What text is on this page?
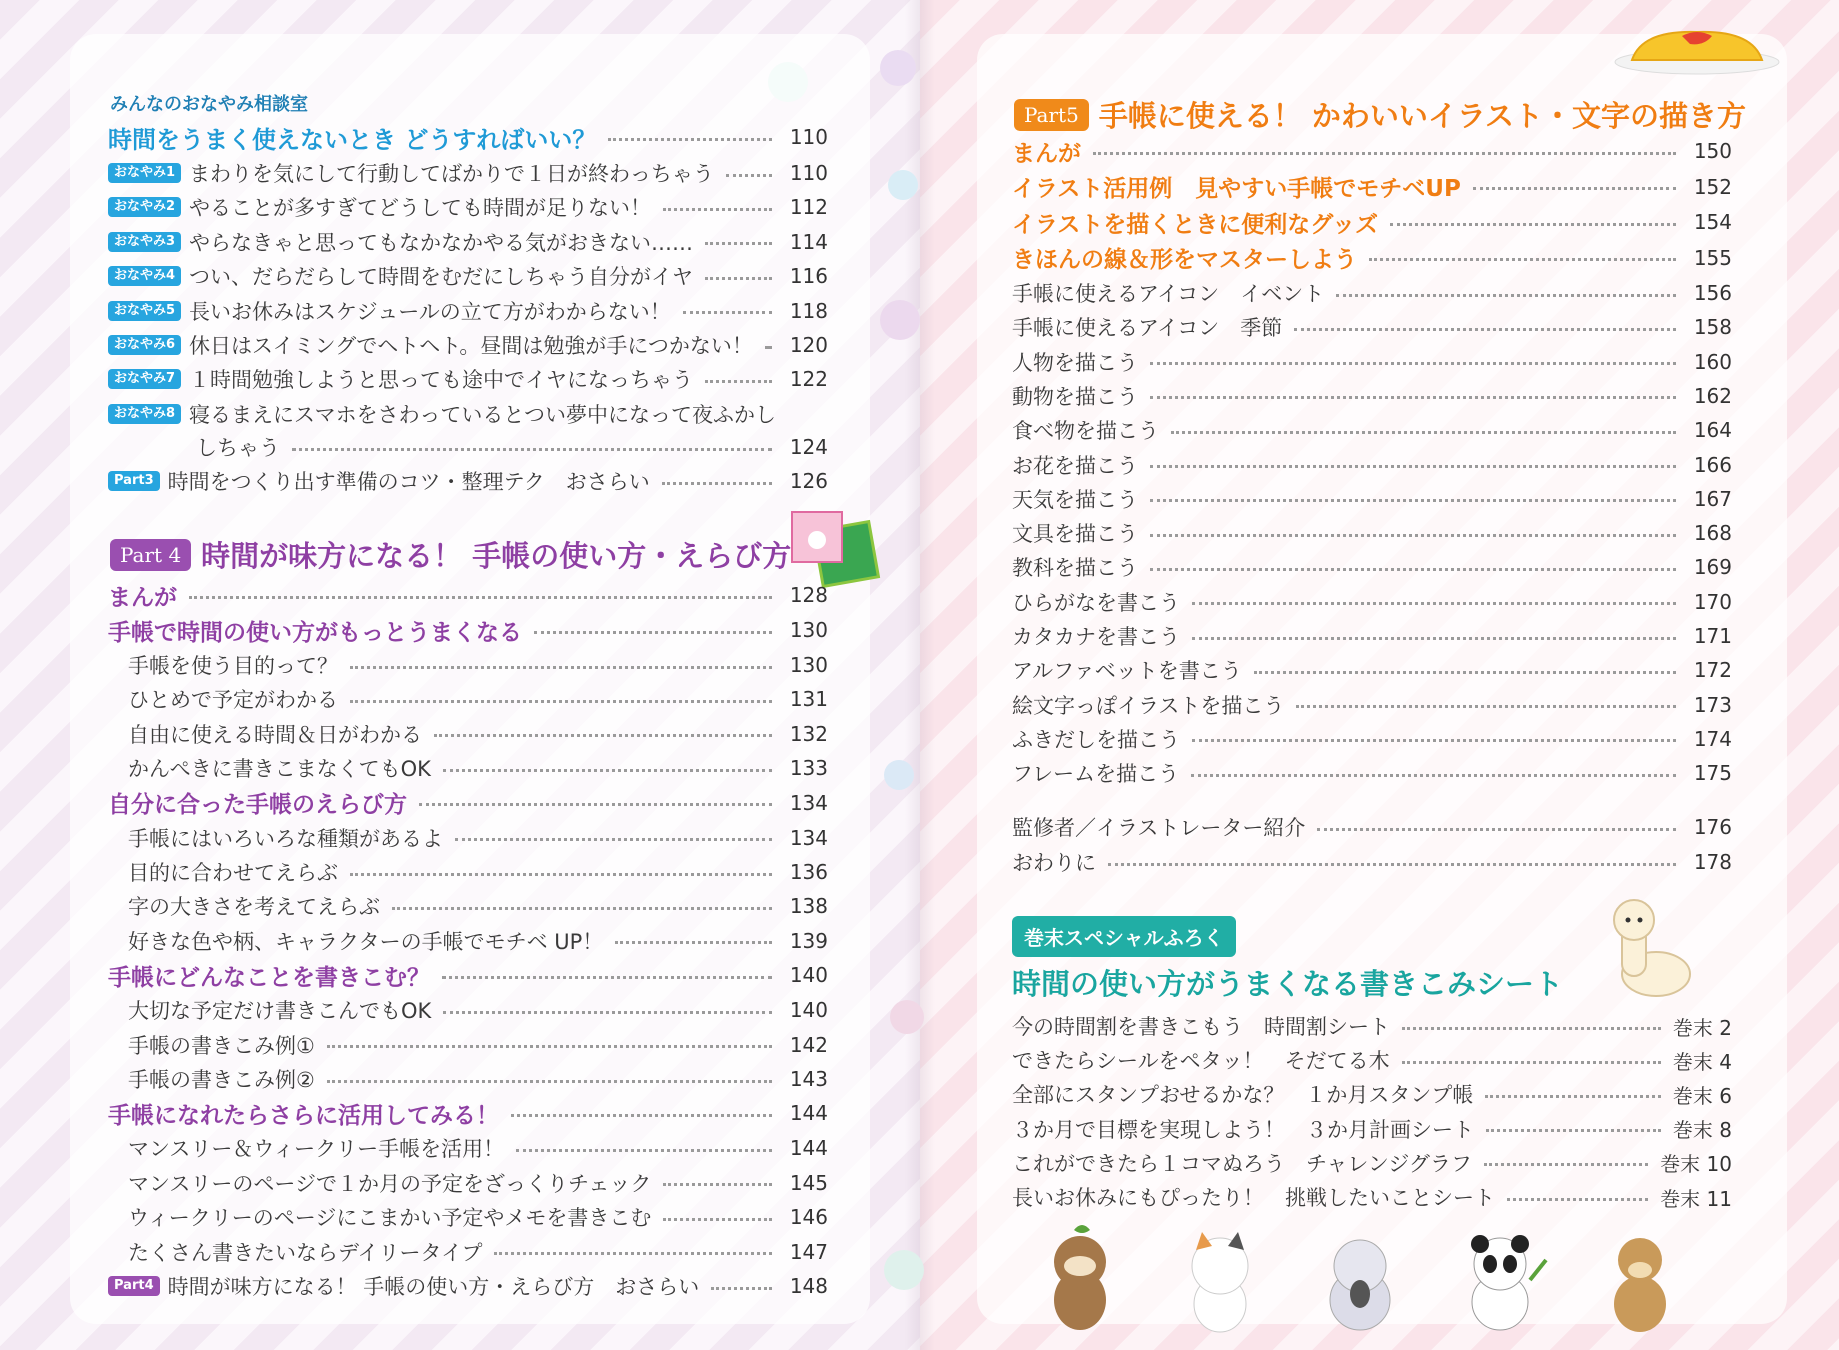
みんなのおなやみ相談室
時間をうまく使えないとき どうすればいい？	110
おなやみ1 まわりを気にして行動してばかりで１日が終わっちゃう	110
おなやみ2 やることが多すぎてどうしても時間が足りない！	112
おなやみ3 やらなきゃと思ってもなかなかやる気がおきない……	114
おなやみ4 つい、だらだらして時間をむだにしちゃう自分がイヤ	116
おなやみ5 長いお休みはスケジュールの立て方がわからない！	118
おなやみ6 休日はスイミングでヘトヘト。昼間は勉強が手につかない！ 120
おなやみ7 １時間勉強しようと思っても途中でイヤになっちゃう	122
おなやみ8 寝るまえにスマホをさわっているとつい夢中になって夜ふかし
しちゃう	124
Part3 時間をつくり出す準備のコツ・整理テク　おさらい	126
Part 4 時間が味方になる！ 手帳の使い方・えらび方
まんが	128
手帳で時間の使い方がもっとうまくなる	130
手帳を使う目的って？	130
ひとめで予定がわかる	131
自由に使える時間＆日がわかる	132
かんぺきに書きこまなくてもOK	133
自分に合った手帳のえらび方	134
手帳にはいろいろな種類があるよ	134
目的に合わせてえらぶ	136
字の大きさを考えてえらぶ	138
好きな色や柄、キャラクターの手帳でモチベ UP！	139
手帳にどんなことを書きこむ？	140
大切な予定だけ書きこんでもOK	140
手帳の書きこみ例①	142
手帳の書きこみ例②	143
手帳になれたらさらに活用してみる！	144
マンスリー＆ウィークリー手帳を活用！	144
マンスリーのページで１か月の予定をざっくりチェック	145
ウィークリーのページにこまかい予定やメモを書きこむ	146
たくさん書きたいならデイリータイプ	147
Part4 時間が味方になる！ 手帳の使い方・えらび方　おさらい	148
Part5 手帳に使える！ かわいいイラスト・文字の描き方
まんが	150
イラスト活用例　見やすい手帳でモチベUP	152
イラストを描くときに便利なグッズ	154
きほんの線＆形をマスターしよう	155
手帳に使えるアイコン　イベント	156
手帳に使えるアイコン　季節	158
人物を描こう	160
動物を描こう	162
食べ物を描こう	164
お花を描こう	166
天気を描こう	167
文具を描こう	168
教科を描こう	169
ひらがなを書こう	170
カタカナを書こう	171
アルファベットを書こう	172
絵文字っぽイラストを描こう	173
ふきだしを描こう	174
フレームを描こう	175
監修者／イラストレーター紹介	176
おわりに	178
巻末スペシャルふろく
時間の使い方がうまくなる書きこみシート
今の時間割を書きこもう　時間割シート	巻末 2
できたらシールをペタッ！　そだてる木	巻末 4
全部にスタンプおせるかな？　１か月スタンプ帳	巻末 6
３か月で目標を実現しよう！　３か月計画シート	巻末 8
これができたら１コマぬろう　チャレンジグラフ	巻末 10
長いお休みにもぴったり！　挑戦したいことシート	巻末 11
